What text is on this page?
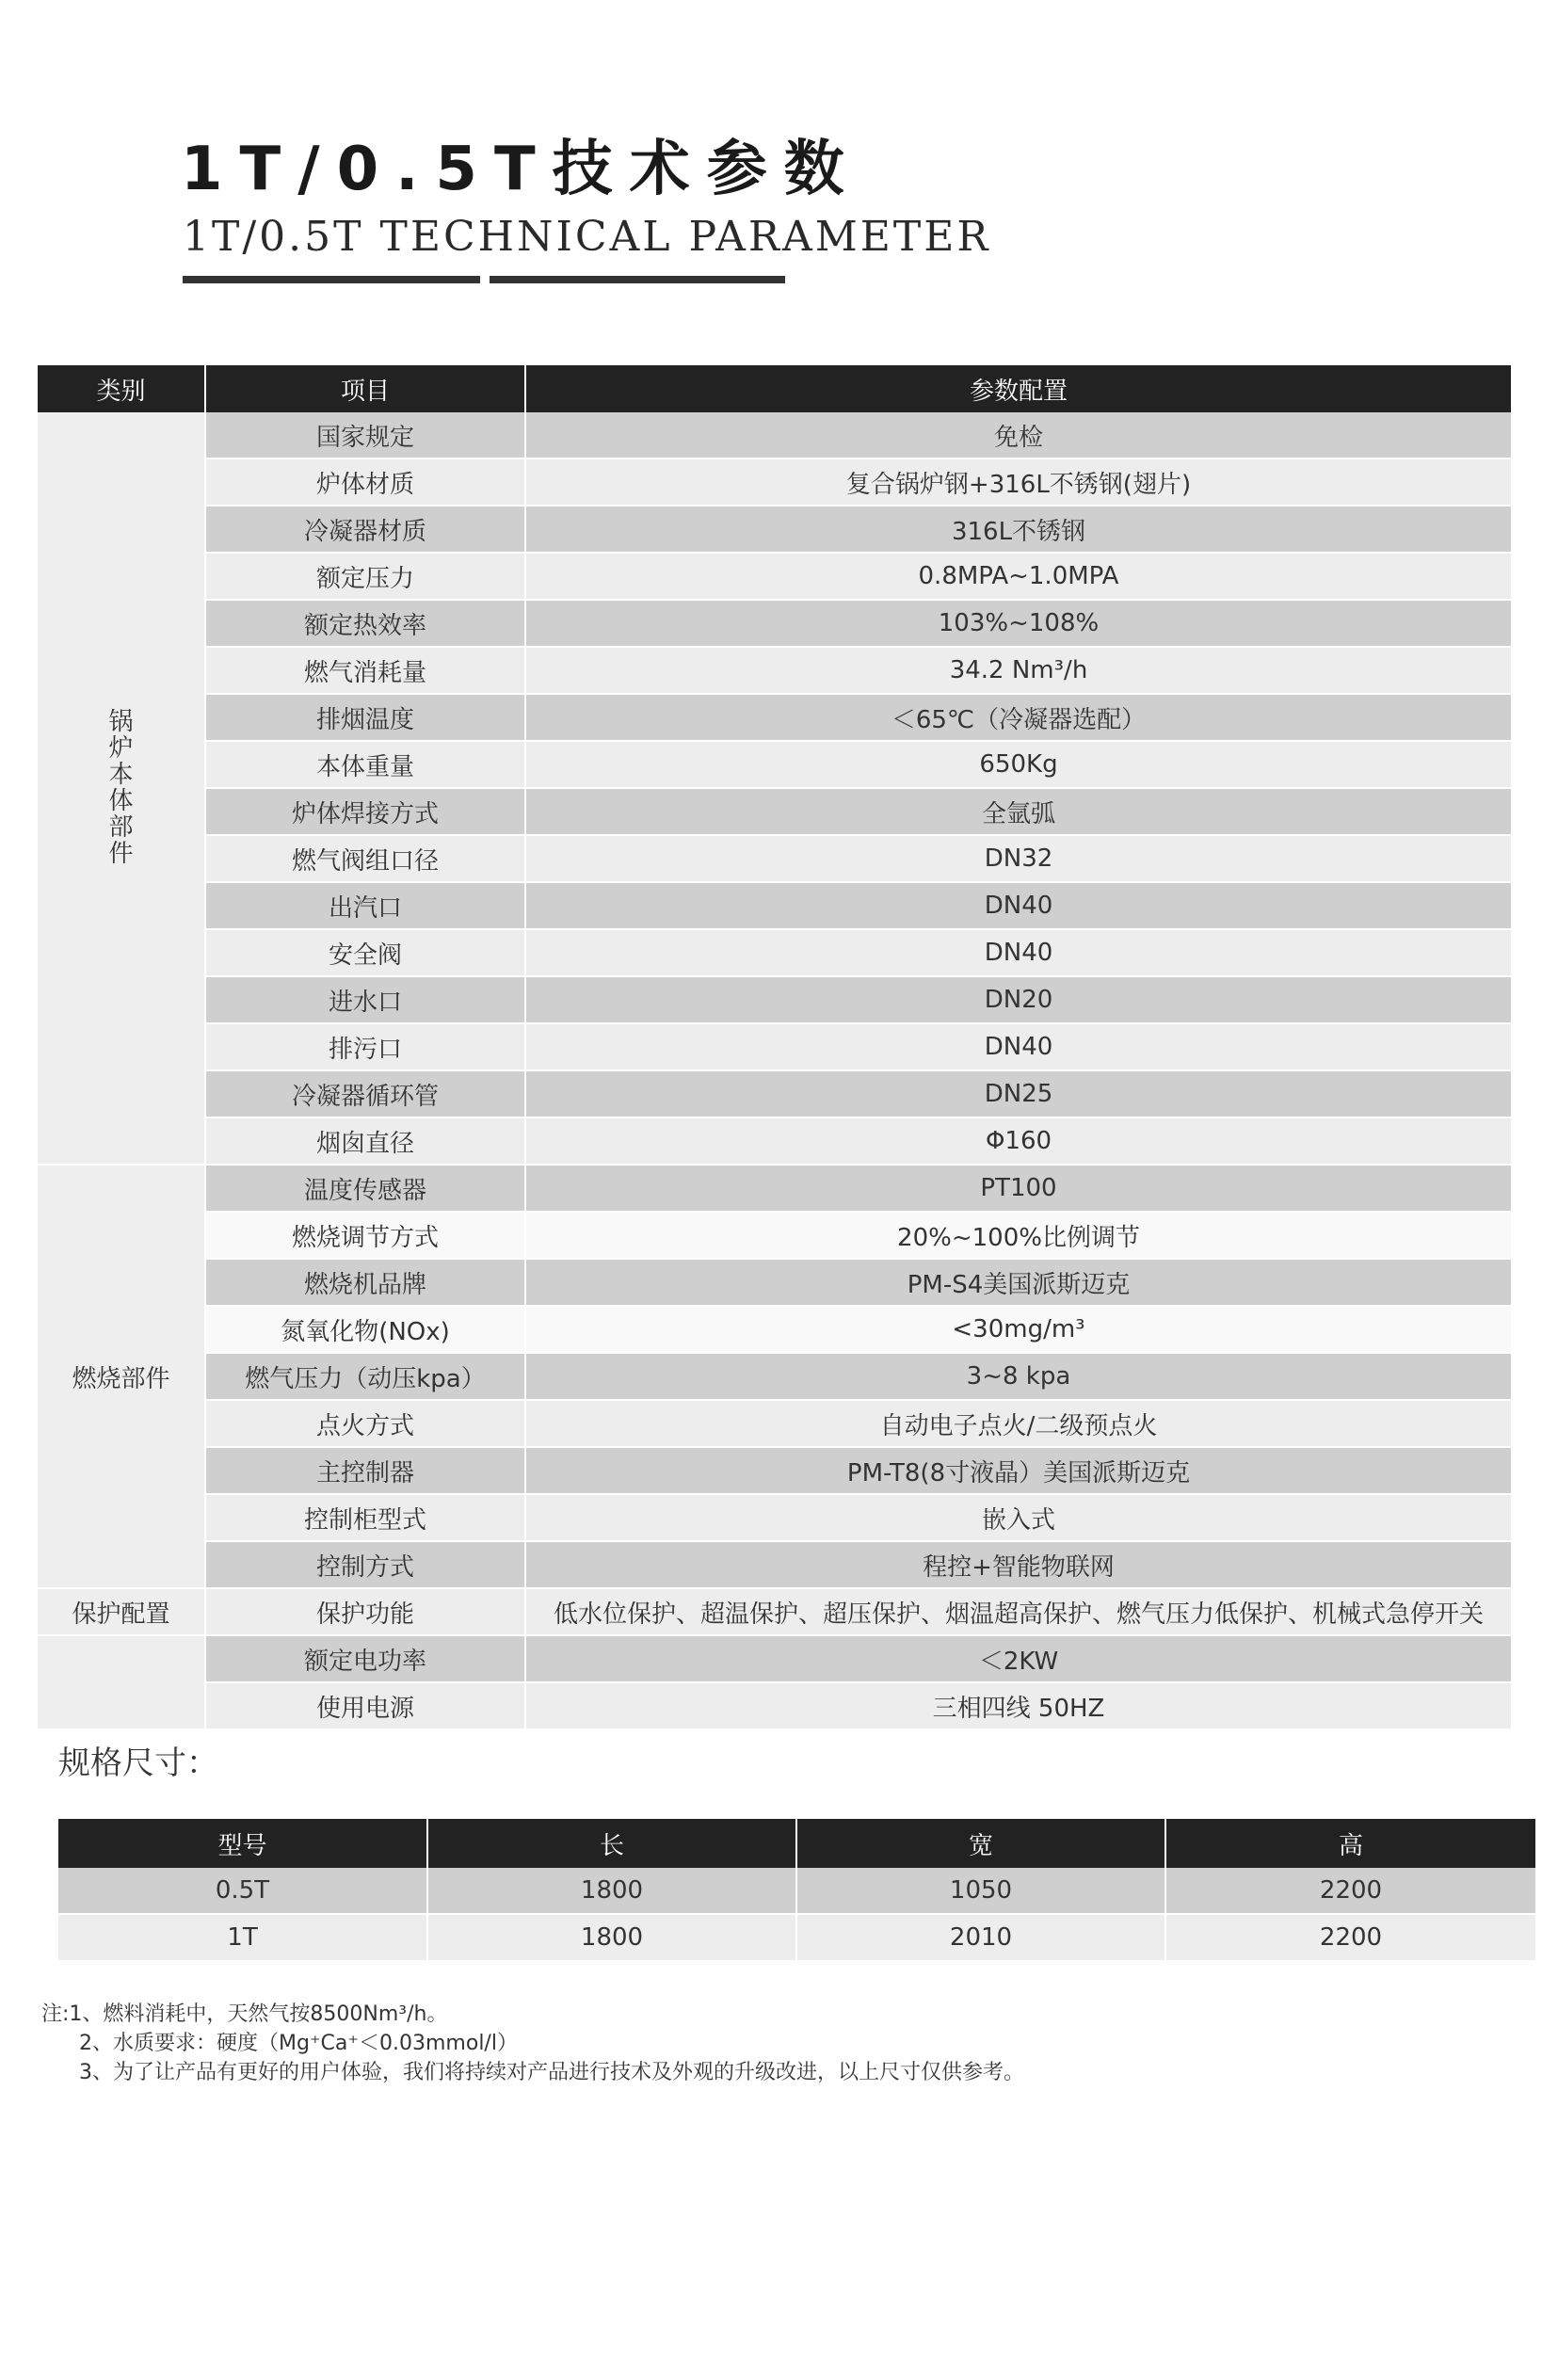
1T/0.5T技术参数
1T/0.5T TECHNICAL PARAMETER
类别	项目	参数配置
锅炉本体部件	国家规定	免检
	炉体材质	复合锅炉钢+316L不锈钢(翅片)
	冷凝器材质	316L不锈钢
	额定压力	0.8MPA~1.0MPA
	额定热效率	103%~108%
	燃气消耗量	34.2 Nm³/h
	排烟温度	＜65℃（冷凝器选配）
	本体重量	650Kg
	炉体焊接方式	全氩弧
	燃气阀组口径	DN32
	出汽口	DN40
	安全阀	DN40
	进水口	DN20
	排污口	DN40
	冷凝器循环管	DN25
	烟囱直径	Φ160
燃烧部件	温度传感器	PT100
	燃烧调节方式	20%~100%比例调节
	燃烧机品牌	PM-S4美国派斯迈克
	氮氧化物(NOx)	<30mg/m³
	燃气压力（动压kpa）	3~8 kpa
	点火方式	自动电子点火/二级预点火
	主控制器	PM-T8(8寸液晶）美国派斯迈克
	控制柜型式	嵌入式
	控制方式	程控+智能物联网
保护配置	保护功能	低水位保护、超温保护、超压保护、烟温超高保护、燃气压力低保护、机械式急停开关
	额定电功率	＜2KW
	使用电源	三相四线 50HZ
规格尺寸：
型号	长	宽	高
0.5T	1800	1050	2200
1T	1800	2010	2200
注:1、燃料消耗中，天然气按8500Nm³/h。
2、水质要求：硬度（Mg⁺Ca⁺＜0.03mmol/l）
3、为了让产品有更好的用户体验，我们将持续对产品进行技术及外观的升级改进，以上尺寸仅供参考。
